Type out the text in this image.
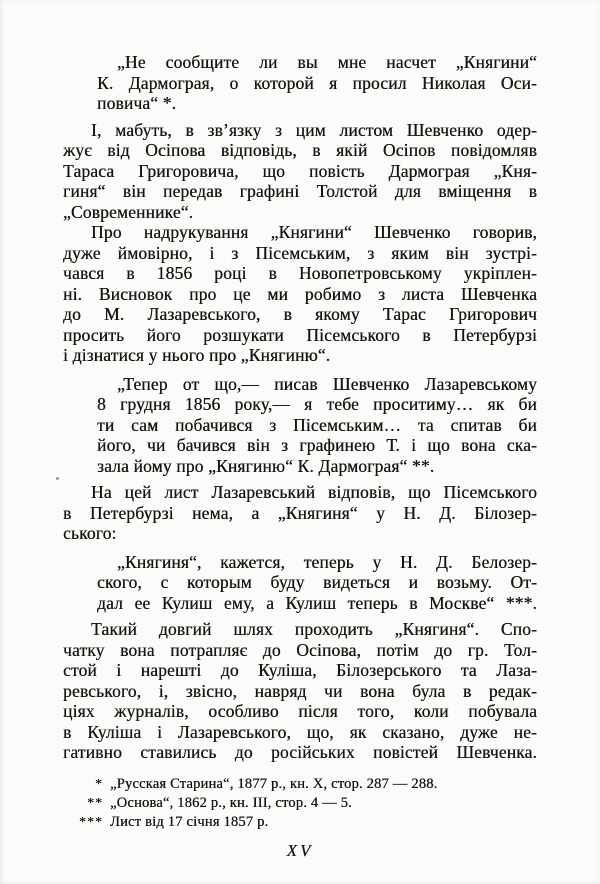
„Не сообщите ли вы мне насчет „Княгини“
К. Дармограя, о которой я просил Николая Оси-
повича“ *.
І, мабуть, в зв’язку з цим листом Шевченко одер-
жує від Осіпова відповідь, в якій Осіпов повідомляв
Тараса Григоровича, що повість Дармограя „Кня-
гиня“ він передав графині Толстой для вміщення в
„Современнике“.
Про надрукування „Княгини“ Шевченко говорив,
дуже ймовірно, і з Пісемським, з яким він зустрі-
чався в 1856 році в Новопетровському укріплен-
ні. Висновок про це ми робимо з листа Шевченка
до М. Лазаревського, в якому Тарас Григорович
просить його розшукати Пісемського в Петербурзі
і дізнатися у нього про „Княгиню“.
„Тепер от що,— писав Шевченко Лазаревському
8 грудня 1856 року,— я тебе проситиму… як би
ти сам побачився з Пісемським… та спитав би
його, чи бачився він з графинею Т. і що вона ска-
зала йому про „Княгиню“ К. Дармограя“ **.
На цей лист Лазаревський відповів, що Пісемського
в Петербурзі нема, а „Княгиня“ у Н. Д. Білозер-
ського:
„Княгиня“, кажется, теперь у Н. Д. Белозер-
ского, с которым буду видеться и возьму. От-
дал ее Кулиш ему, а Кулиш теперь в Москве“ ***.
Такий довгий шлях проходить „Княгиня“. Спо-
чатку вона потрапляє до Осіпова, потім до гр. Тол-
стой і нарешті до Куліша, Білозерського та Лаза-
ревського, і, звісно, навряд чи вона була в редак-
ціях журналів, особливо після того, коли побувала
в Куліша і Лазаревського, що, як сказано, дуже не-
гативно ставились до російських повістей Шевченка.
* „Русская Старина“, 1877 р., кн. X, стор. 287 — 288.
** „Основа“, 1862 р., кн. III, стор. 4 — 5.
*** Лист від 17 січня 1857 р.
XV
